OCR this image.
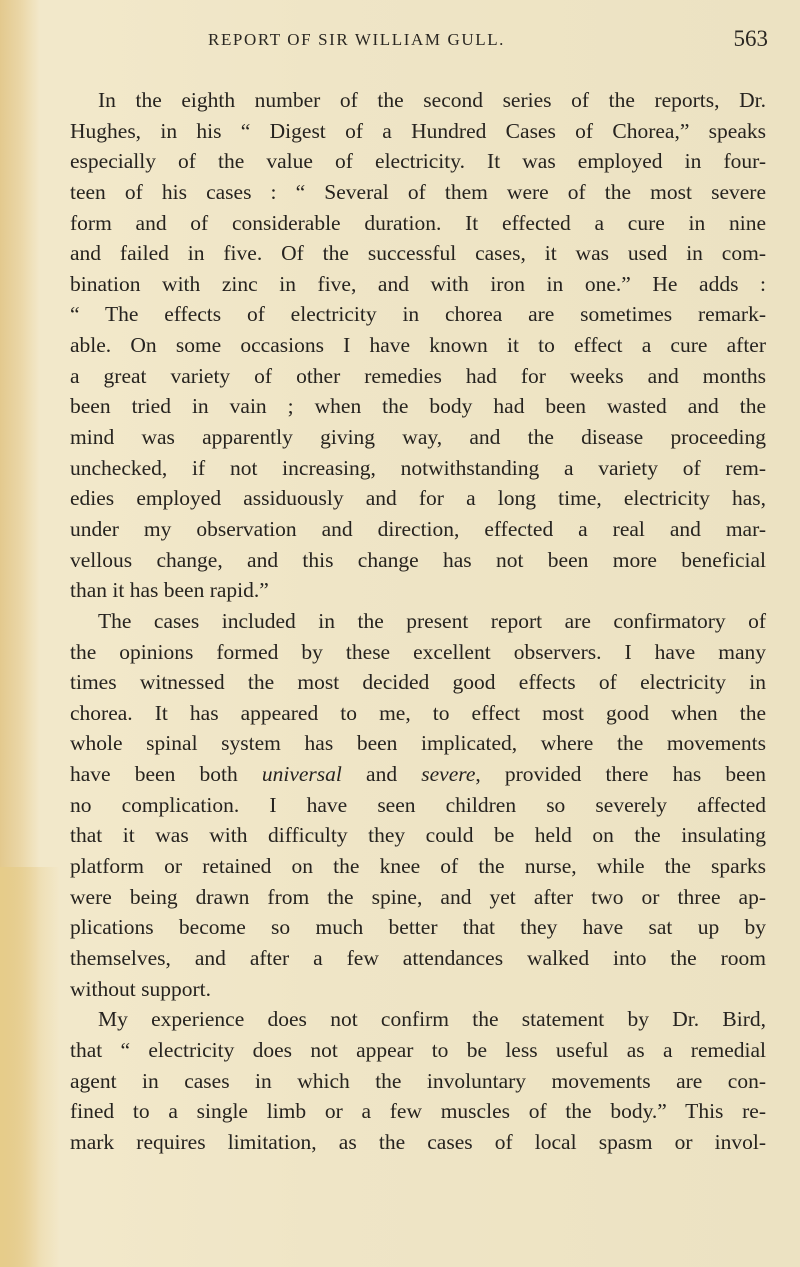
REPORT OF SIR WILLIAM GULL.	563
In the eighth number of the second series of the reports, Dr.
Hughes, in his “ Digest of a Hundred Cases of Chorea,” speaks
especially of the value of electricity. It was employed in four-
teen of his cases : “ Several of them were of the most severe
form and of considerable duration. It effected a cure in nine
and failed in five. Of the successful cases, it was used in com-
bination with zinc in five, and with iron in one.” He adds :
“ The effects of electricity in chorea are sometimes remark-
able. On some occasions I have known it to effect a cure after
a great variety of other remedies had for weeks and months
been tried in vain ; when the body had been wasted and the
mind was apparently giving way, and the disease proceeding
unchecked, if not increasing, notwithstanding a variety of rem-
edies employed assiduously and for a long time, electricity has,
under my observation and direction, effected a real and mar-
vellous change, and this change has not been more beneficial
than it has been rapid.”
The cases included in the present report are confirmatory of
the opinions formed by these excellent observers. I have many
times witnessed the most decided good effects of electricity in
chorea. It has appeared to me, to effect most good when the
whole spinal system has been implicated, where the movements
have been both universal and severe, provided there has been
no complication. I have seen children so severely affected
that it was with difficulty they could be held on the insulating
platform or retained on the knee of the nurse, while the sparks
were being drawn from the spine, and yet after two or three ap-
plications become so much better that they have sat up by
themselves, and after a few attendances walked into the room
without support.
My experience does not confirm the statement by Dr. Bird,
that “ electricity does not appear to be less useful as a remedial
agent in cases in which the involuntary movements are con-
fined to a single limb or a few muscles of the body.” This re-
mark requires limitation, as the cases of local spasm or invol-
